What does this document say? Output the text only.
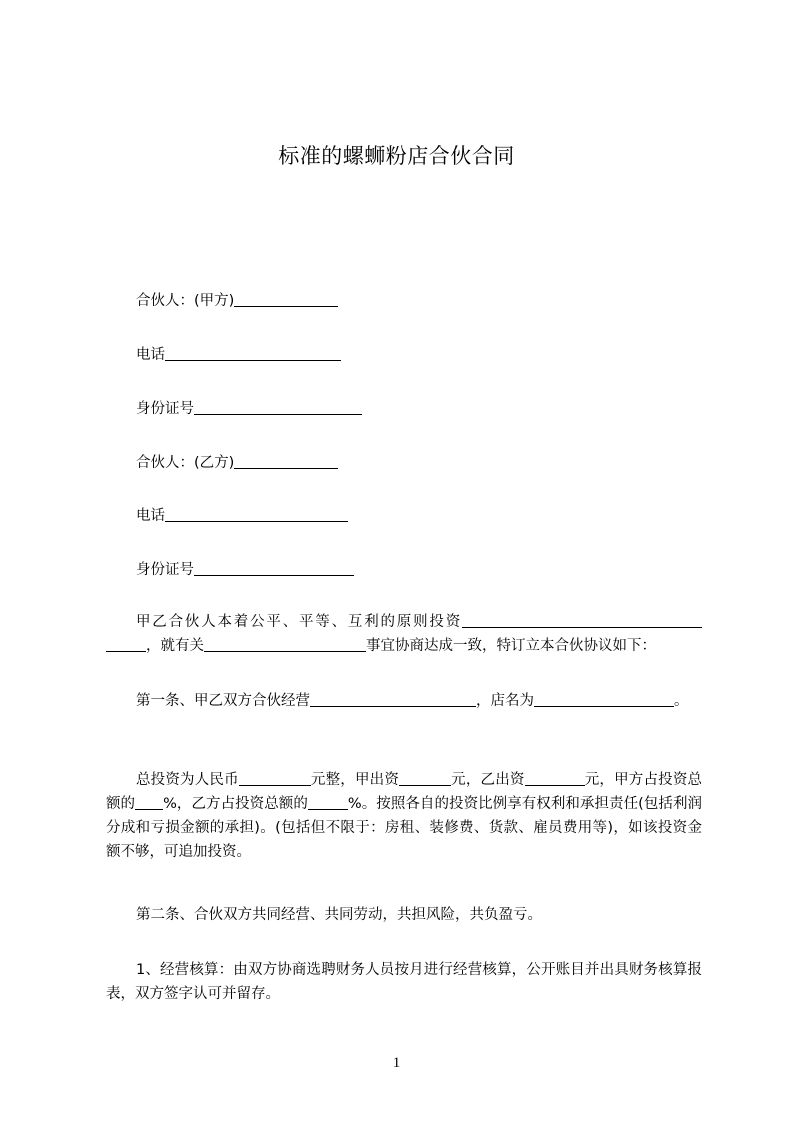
标准的螺蛳粉店合伙合同
合伙人：(甲方)
电话
身份证号
合伙人：(乙方)
电话
身份证号
甲乙合伙人本着公平、平等、互利的原则投资，就有关	事宜协商达成一致，特订立本合伙协议如下：
第一条、甲乙双方合伙经营	，店名为	。
总投资为人民币	元整，甲出资	元，乙出资	元，甲方占投资总额的 %，乙方占投资总额的	%。按照各自的投资比例享有权利和承担责任(包括利润分成和亏损金额的承担)。(包括但不限于：房租、装修费、货款、雇员费用等)，如该投资金额不够，可追加投资。
第二条、合伙双方共同经营、共同劳动，共担风险，共负盈亏。
1、经营核算：由双方协商选聘财务人员按月进行经营核算，公开账目并出具财务核算报表，双方签字认可并留存。
1
